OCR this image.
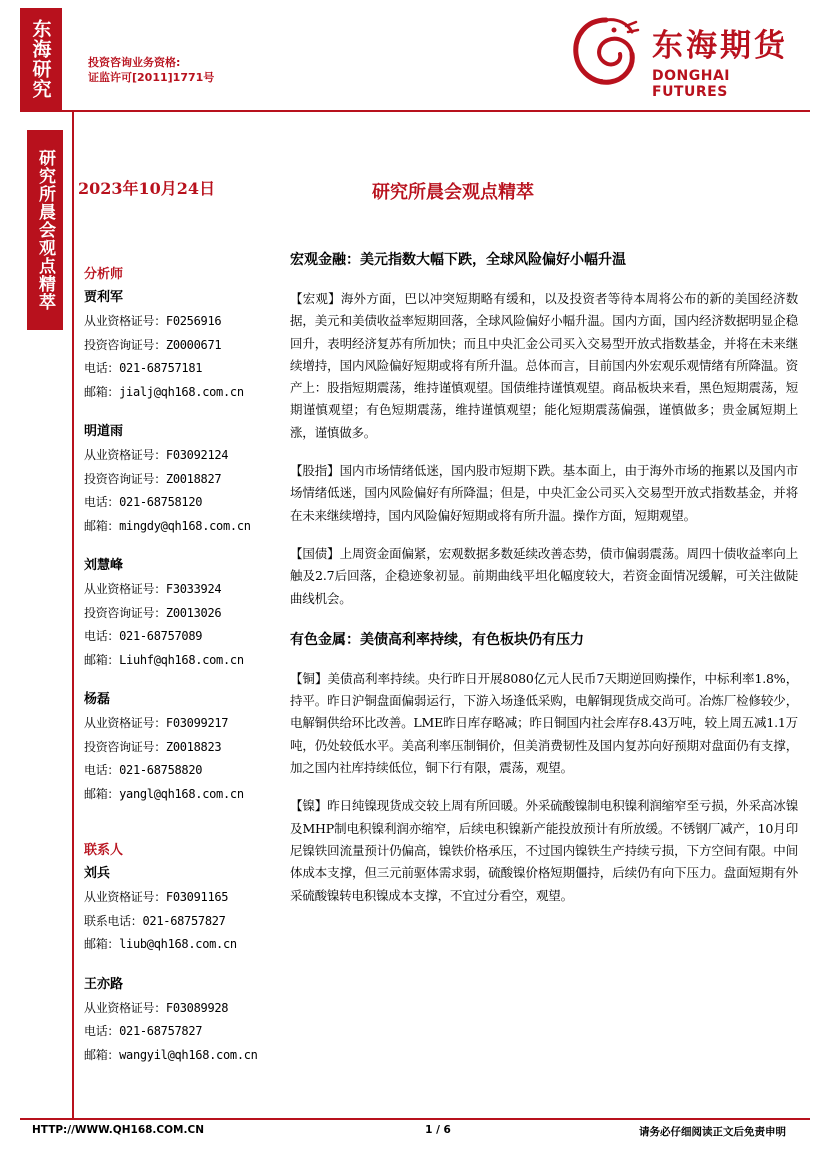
东海研究
研究所晨会观点精萃
投资咨询业务资格:
证监许可[2011]1771号
东海期货
DONGHAI FUTURES
2023年10月24日	研究所晨会观点精萃
分析师
贾利军
从业资格证号：F0256916
投资咨询证号：Z0000671
电话：021-68757181
邮箱：jialj@qh168.com.cn
明道雨
从业资格证号：F03092124
投资咨询证号：Z0018827
电话：021-68758120
邮箱：mingdy@qh168.com.cn
刘慧峰
从业资格证号：F3033924
投资咨询证号：Z0013026
电话：021-68757089
邮箱：Liuhf@qh168.com.cn
杨磊
从业资格证号：F03099217
投资咨询证号：Z0018823
电话：021-68758820
邮箱：yangl@qh168.com.cn
联系人
刘兵
从业资格证号：F03091165
联系电话：021-68757827
邮箱：liub@qh168.com.cn
王亦路
从业资格证号：F03089928
电话：021-68757827
邮箱：wangyil@qh168.com.cn
宏观金融：美元指数大幅下跌，全球风险偏好小幅升温
【宏观】海外方面，巴以冲突短期略有缓和，以及投资者等待本周将公布的新的美国经济数据，美元和美债收益率短期回落，全球风险偏好小幅升温。国内方面，国内经济数据明显企稳回升，表明经济复苏有所加快；而且中央汇金公司买入交易型开放式指数基金，并将在未来继续增持，国内风险偏好短期或将有所升温。总体而言，目前国内外宏观乐观情绪有所降温。资产上：股指短期震荡，维持谨慎观望。国债维持谨慎观望。商品板块来看，黑色短期震荡，短期谨慎观望；有色短期震荡，维持谨慎观望；能化短期震荡偏强，谨慎做多；贵金属短期上涨，谨慎做多。
【股指】国内市场情绪低迷，国内股市短期下跌。基本面上，由于海外市场的拖累以及国内市场情绪低迷，国内风险偏好有所降温；但是，中央汇金公司买入交易型开放式指数基金，并将在未来继续增持，国内风险偏好短期或将有所升温。操作方面，短期观望。
【国债】上周资金面偏紧，宏观数据多数延续改善态势，债市偏弱震荡。周四十债收益率向上触及2.7后回落，企稳迹象初显。前期曲线平坦化幅度较大，若资金面情况缓解，可关注做陡曲线机会。
有色金属：美债高利率持续，有色板块仍有压力
【铜】美债高利率持续。央行昨日开展8080亿元人民币7天期逆回购操作，中标利率1.8%，持平。昨日沪铜盘面偏弱运行，下游入场逢低采购，电解铜现货成交尚可。冶炼厂检修较少，电解铜供给环比改善。LME昨日库存略减；昨日铜国内社会库存8.43万吨，较上周五减1.1万吨，仍处较低水平。美高利率压制铜价，但美消费韧性及国内复苏向好预期对盘面仍有支撑，加之国内社库持续低位，铜下行有限，震荡，观望。
【镍】昨日纯镍现货成交较上周有所回暖。外采硫酸镍制电积镍利润缩窄至亏损，外采高冰镍及MHP制电积镍利润亦缩窄，后续电积镍新产能投放预计有所放缓。不锈钢厂减产，10月印尼镍铁回流量预计仍偏高，镍铁价格承压，不过国内镍铁生产持续亏损，下方空间有限。中间体成本支撑，但三元前驱体需求弱，硫酸镍价格短期僵持，后续仍有向下压力。盘面短期有外采硫酸镍转电积镍成本支撑，不宜过分看空，观望。
HTTP://WWW.QH168.COM.CN	1 / 6	请务必仔细阅读正文后免责申明
